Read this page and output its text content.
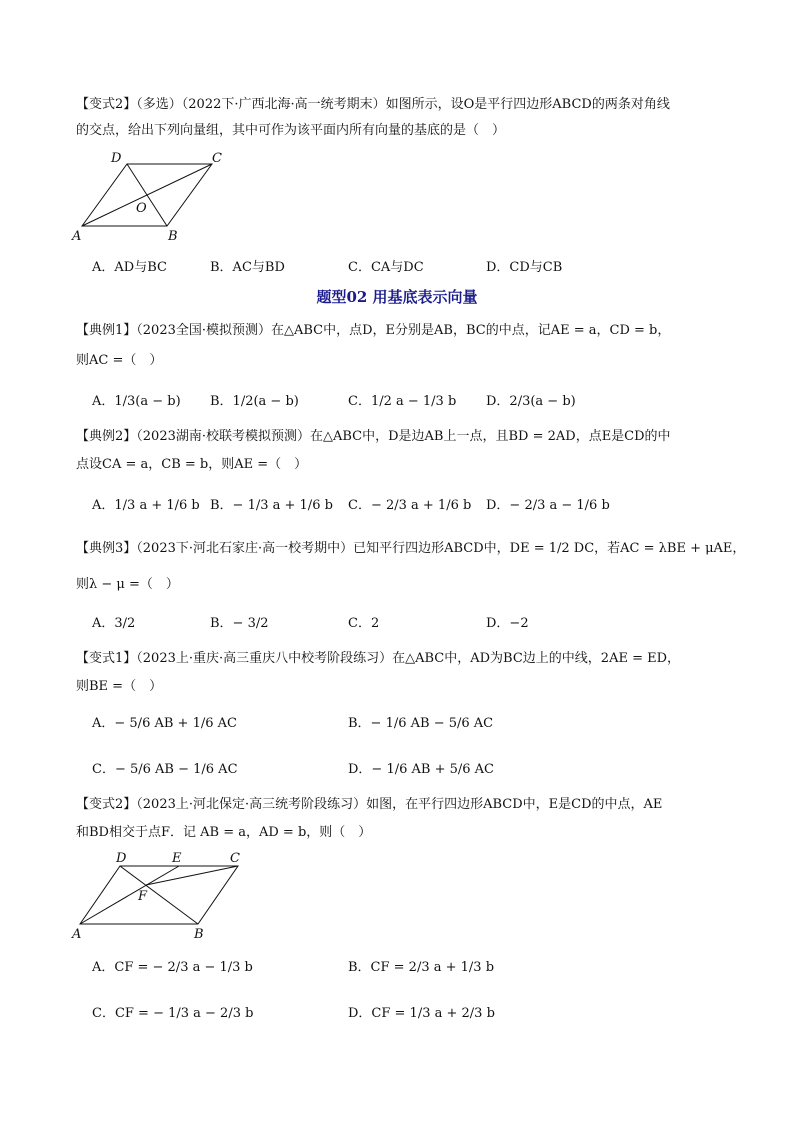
【变式2】（多选）（2022下·广西北海·高一统考期末）如图所示，设O是平行四边形ABCD的两条对角线
的交点，给出下列向量组，其中可作为该平面内所有向量的基底的是（　）
D	C
O
A	B
A．AD与BC	B．AC与BD	C．CA与DC	D．CD与CB
题型02 用基底表示向量
【典例1】（2023全国·模拟预测）在△ABC中，点D，E分别是AB，BC的中点，记AE = a，CD = b，
则AC =（　）
A．1/3(a − b) B．1/2(a − b)	C．1/2 a − 1/3 b D．2/3(a − b)
【典例2】（2023湖南·校联考模拟预测）在△ABC中，D是边AB上一点，且BD = 2AD，点E是CD的中
点设CA = a，CB = b，则AE =（　）
A．1/3 a + 1/6 b B．− 1/3 a + 1/6 b C．− 2/3 a + 1/6 b D．− 2/3 a − 1/6 b
【典例3】（2023下·河北石家庄·高一校考期中）已知平行四边形ABCD中，DE = 1/2 DC，若AC = λBE + μAE，
则λ − μ =（　）
A．3/2	B．− 3/2	C．2	D．−2
【变式1】（2023上·重庆·高三重庆八中校考阶段练习）在△ABC中，AD为BC边上的中线，2AE = ED，
则BE =（　）
A．− 5/6 AB + 1/6 AC	B．− 1/6 AB − 5/6 AC
C．− 5/6 AB − 1/6 AC	D．− 1/6 AB + 5/6 AC
【变式2】（2023上·河北保定·高三统考阶段练习）如图，在平行四边形ABCD中，E是CD的中点，AE
和BD相交于点F．记 AB = a，AD = b，则（　）
D	E	C
F
A	B
A．CF = − 2/3 a − 1/3 b	B．CF = 2/3 a + 1/3 b
C．CF = − 1/3 a − 2/3 b	D．CF = 1/3 a + 2/3 b
